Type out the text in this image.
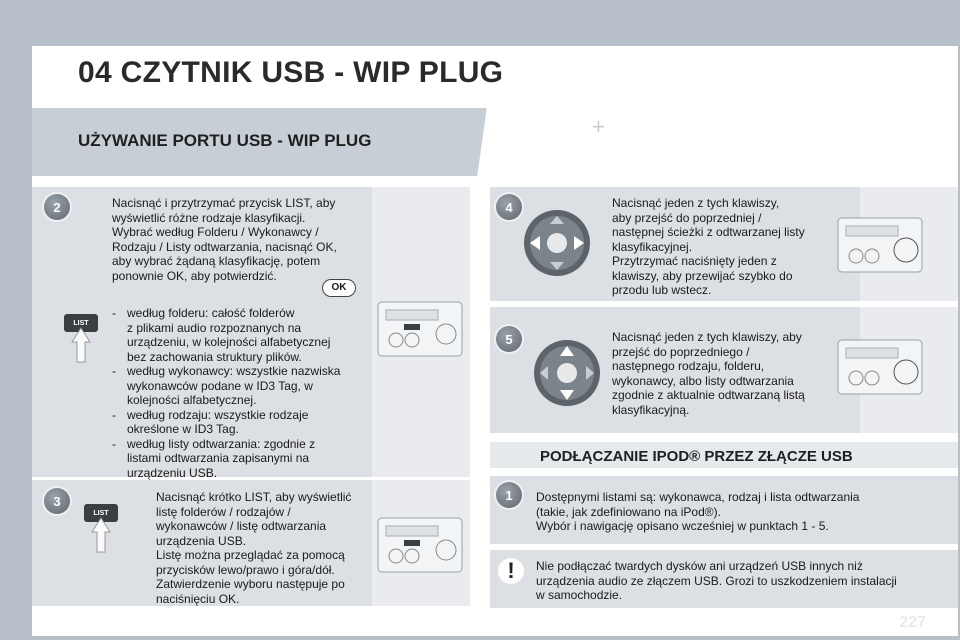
04 CZYTNIK USB - WIP PLUG
UŻYWANIE PORTU USB - WIP PLUG
+
2	Nacisnąć i przytrzymać przycisk LIST, aby
wyświetlić różne rodzaje klasyfikacji.
Wybrać według Folderu / Wykonawcy /
Rodzaju / Listy odtwarzania, nacisnąć OK,
aby wybrać żądaną klasyfikację, potem
ponownie OK, aby potwierdzić.
OK
LIST
- według folderu: całość folderów
z plikami audio rozpoznanych na
urządzeniu, w kolejności alfabetycznej
bez zachowania struktury plików.
- według wykonawcy: wszystkie nazwiska
wykonawców podane w ID3 Tag, w
kolejności alfabetycznej.
- według rodzaju: wszystkie rodzaje
określone w ID3 Tag.
- według listy odtwarzania: zgodnie z
listami odtwarzania zapisanymi na
urządzeniu USB.
3
LIST
Nacisnąć krótko LIST, aby wyświetlić
listę folderów / rodzajów /
wykonawców / listę odtwarzania
urządzenia USB.
Listę można przeglądać za pomocą
przycisków lewo/prawo i góra/dół.
Zatwierdzenie wyboru następuje po
naciśnięciu OK.
4	Nacisnąć jeden z tych klawiszy,
aby przejść do poprzedniej /
następnej ścieżki z odtwarzanej listy
klasyfikacyjnej.
Przytrzymać naciśnięty jeden z
klawiszy, aby przewijać szybko do
przodu lub wstecz.
5	Nacisnąć jeden z tych klawiszy, aby
przejść do poprzedniego /
następnego rodzaju, folderu,
wykonawcy, albo listy odtwarzania
zgodnie z aktualnie odtwarzaną listą
klasyfikacyjną.
PODŁĄCZANIE IPOD® PRZEZ ZŁĄCZE USB
1	Dostępnymi listami są: wykonawca, rodzaj i lista odtwarzania
(takie, jak zdefiniowano na iPod®).
Wybór i nawigację opisano wcześniej w punktach 1 - 5.
!	Nie podłączać twardych dysków ani urządzeń USB innych niż
urządzenia audio ze złączem USB. Grozi to uszkodzeniem instalacji
w samochodzie.
227
